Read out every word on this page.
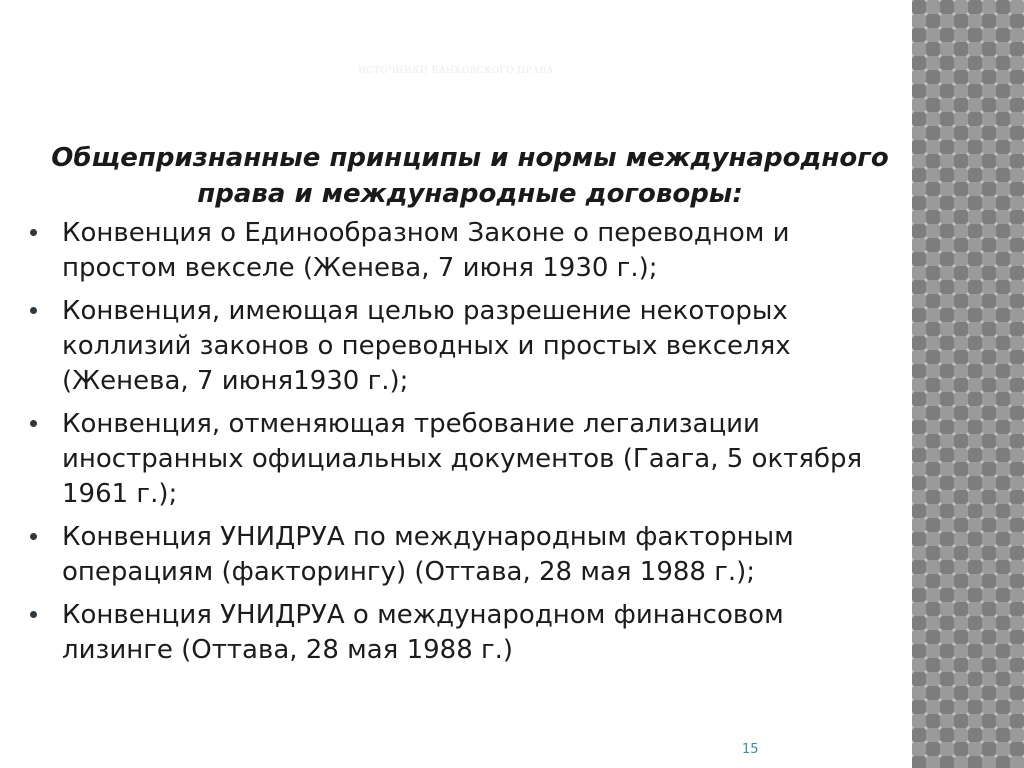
ИСТОЧНИКИ БАНКОВСКОГО ПРАВА
Общепризнанные принципы и нормы международного права и международные договоры:
Конвенция о Единообразном Законе о переводном и простом векселе (Женева, 7 июня 1930 г.);
Конвенция, имеющая целью разрешение некоторых коллизий законов о переводных и простых векселях (Женева, 7 июня1930 г.);
Конвенция, отменяющая требование легализации иностранных официальных документов (Гаага, 5 октября 1961 г.);
Конвенция УНИДРУА по международным факторным операциям (факторингу) (Оттава, 28 мая 1988 г.);
Конвенция УНИДРУА о международном финансовом лизинге (Оттава, 28 мая 1988 г.)
15
